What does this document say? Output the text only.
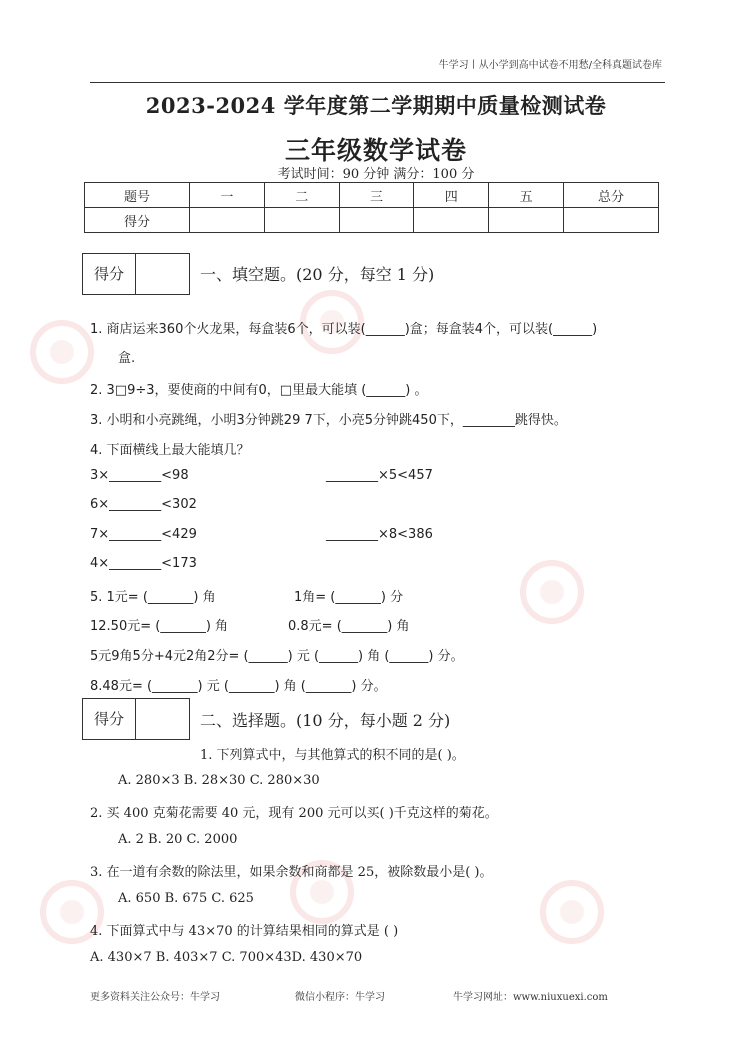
牛学习丨从小学到高中试卷不用愁/全科真题试卷库
2023-2024 学年度第二学期期中质量检测试卷
三年级数学试卷
考试时间：90 分钟 满分：100 分
题号	一	二	三	四	五	总分
得分						
得分	一、填空题。(20 分，每空 1 分)
1. 商店运来360个火龙果，每盒装6个，可以装(______)盒；每盒装4个，可以装(______)
盒.
2. 3□9÷3，要使商的中间有0，□里最大能填 (______) 。
3. 小明和小亮跳绳，小明3分钟跳29 7下，小亮5分钟跳450下，________跳得快。
4. 下面横线上最大能填几？
3×________<98	________×5<457
6×________<302
7×________<429	________×8<386
4×________<173
5. 1元= (_______) 角	1角= (_______) 分
12.50元= (_______) 角	0.8元= (_______) 角
5元9角5分+4元2角2分= (______) 元 (______) 角 (______) 分。
8.48元= (_______) 元 (_______) 角 (_______) 分。
得分	二、选择题。(10 分，每小题 2 分)
1. 下列算式中，与其他算式的积不同的是( )。
A. 280×3 B. 28×30 C. 280×30
2. 买 400 克菊花需要 40 元，现有 200 元可以买( )千克这样的菊花。
A. 2 B. 20 C. 2000
3. 在一道有余数的除法里，如果余数和商都是 25，被除数最小是( )。
A. 650 B. 675 C. 625
4. 下面算式中与 43×70 的计算结果相同的算式是 ( )
A. 430×7 B. 403×7 C. 700×43D. 430×70
更多资料关注公众号：牛学习	微信小程序：牛学习	牛学习网址：www.niuxuexi.com
